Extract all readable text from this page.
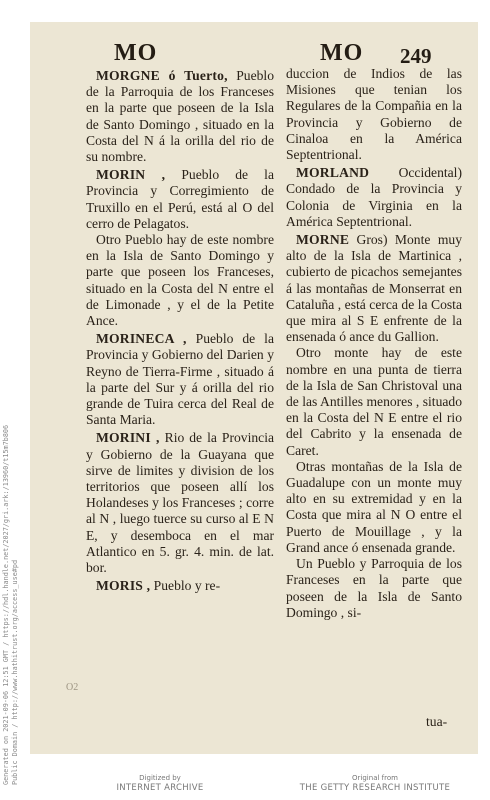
MO	MO 249

MORGNE ó Tuerto, Pueblo de la Parroquia de los Franceses en la parte que poseen de la Isla de Santo Domingo , situado en la Costa del N á la orilla del rio de su nombre.

MORIN , Pueblo de la Provincia y Corregimiento de Truxillo en el Perú, está al O del cerro de Pelagatos.

Otro Pueblo hay de este nombre en la Isla de Santo Domingo y parte que poseen los Franceses, situado en la Costa del N entre el de Limonade , y el de la Petite Ance.

MORINECA , Pueblo de la Provincia y Gobierno del Darien y Reyno de Tierra-Firme , situado á la parte del Sur y á orilla del rio grande de Tuira cerca del Real de Santa Maria.

MORINI , Rio de la Provincia y Gobierno de la Guayana que sirve de limites y division de los territorios que poseen allí los Holandeses y los Franceses ; corre al N , luego tuerce su curso al E N E, y desemboca en el mar Atlantico en 5. gr. 4. min. de lat. bor.

MORIS , Pueblo y re-

duccion de Indios de las Misiones que tenian los Regulares de la Compañia en la Provincia y Gobierno de Cinaloa en la América Septentrional.

MORLAND Occidental) Condado de la Provincia y Colonia de Virginia en la América Septentrional.

MORNE Gros) Monte muy alto de la Isla de Martinica , cubierto de picachos semejantes á las montañas de Monserrat en Cataluña , está cerca de la Costa que mira al S E enfrente de la ensenada ó ance du Gallion.

Otro monte hay de este nombre en una punta de tierra de la Isla de San Christoval una de las Antilles menores , situado en la Costa del N E entre el rio del Cabrito y la ensenada de Caret.

Otras montañas de la Isla de Guadalupe con un monte muy alto en su extremidad y en la Costa que mira al N O entre el Puerto de Mouillage , y la Grand ance ó ensenada grande.

Un Pueblo y Parroquia de los Franceses en la parte que poseen de la Isla de Santo Domingo , si-

O2
tua-
Generated on 2021-09-06 12:51 GMT / https://hdl.handle.net/2027/gri.ark:/13960/t15m7b806 Public Domain / http://www.hathitrust.org/access_use#pd	Digitized by
INTERNET ARCHIVE
Original from
THE GETTY RESEARCH INSTITUTE
